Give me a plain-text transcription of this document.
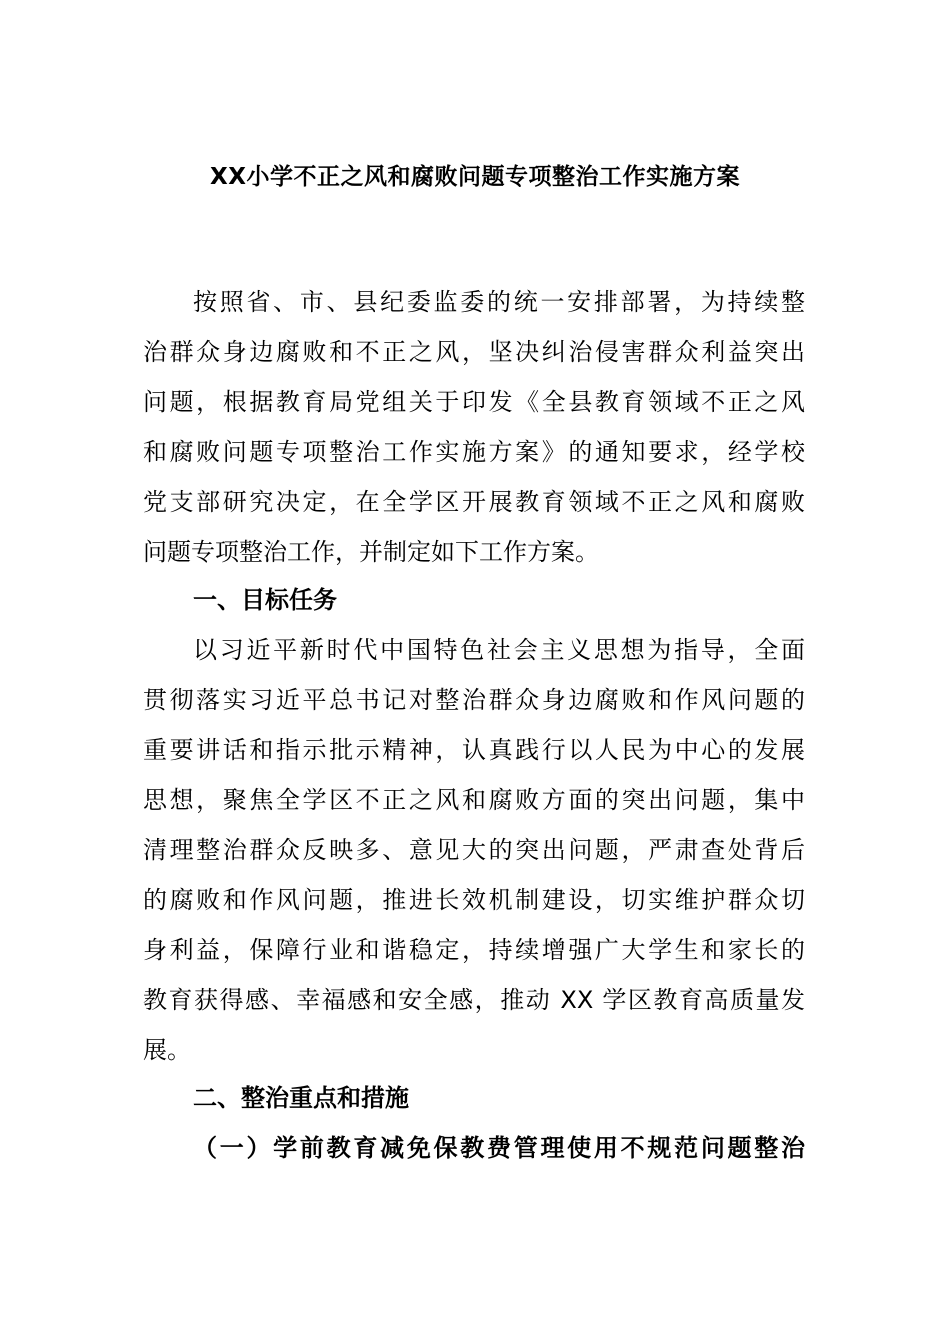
XX小学不正之风和腐败问题专项整治工作实施方案
按照省、市、县纪委监委的统一安排部署，为持续整
治群众身边腐败和不正之风，坚决纠治侵害群众利益突出
问题，根据教育局党组关于印发《全县教育领域不正之风
和腐败问题专项整治工作实施方案》的通知要求，经学校
党支部研究决定，在全学区开展教育领域不正之风和腐败
问题专项整治工作，并制定如下工作方案。
一、目标任务
以习近平新时代中国特色社会主义思想为指导，全面
贯彻落实习近平总书记对整治群众身边腐败和作风问题的
重要讲话和指示批示精神，认真践行以人民为中心的发展
思想，聚焦全学区不正之风和腐败方面的突出问题，集中
清理整治群众反映多、意见大的突出问题，严肃查处背后
的腐败和作风问题，推进长效机制建设，切实维护群众切
身利益，保障行业和谐稳定，持续增强广大学生和家长的
教育获得感、幸福感和安全感，推动 XX 学区教育高质量发
展。
二、整治重点和措施
（一）学前教育减免保教费管理使用不规范问题整治
